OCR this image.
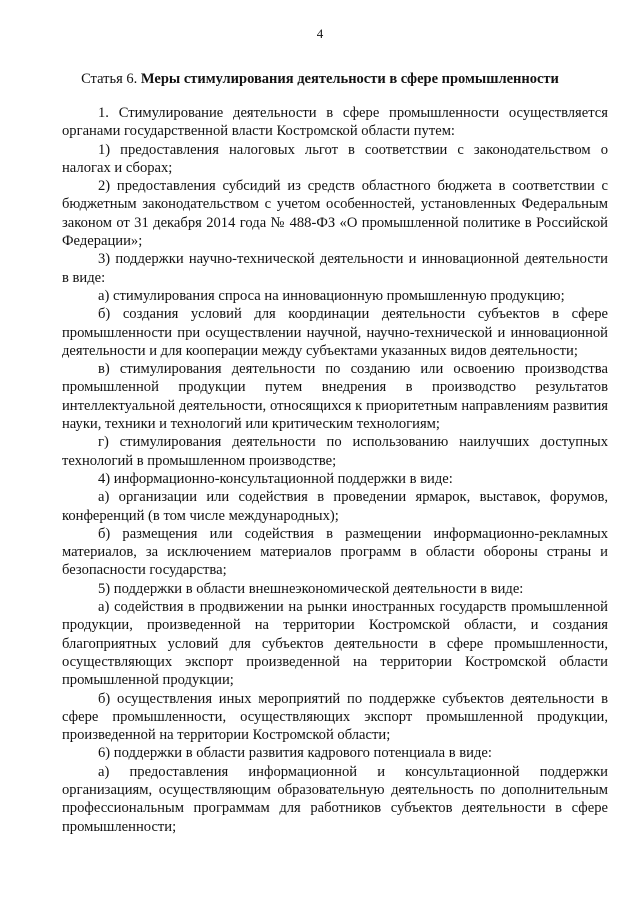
4
Статья 6. Меры стимулирования деятельности в сфере промышленности

1. Стимулирование деятельности в сфере промышленности осуществляется органами государственной власти Костромской области путем:

1) предоставления налоговых льгот в соответствии с законодательством о налогах и сборах;

2) предоставления субсидий из средств областного бюджета в соответствии с бюджетным законодательством с учетом особенностей, установленных Федеральным законом от 31 декабря 2014 года № 488-ФЗ «О промышленной политике в Российской Федерации»;

3) поддержки научно-технической деятельности и инновационной деятельности в виде:

а) стимулирования спроса на инновационную промышленную продукцию;

б) создания условий для координации деятельности субъектов в сфере промышленности при осуществлении научной, научно-технической и инновационной деятельности и для кооперации между субъектами указанных видов деятельности;

в) стимулирования деятельности по созданию или освоению производства промышленной продукции путем внедрения в производство результатов интеллектуальной деятельности, относящихся к приоритетным направлениям развития науки, техники и технологий или критическим технологиям;

г) стимулирования деятельности по использованию наилучших доступных технологий в промышленном производстве;

4) информационно-консультационной поддержки в виде:

а) организации или содействия в проведении ярмарок, выставок, форумов, конференций (в том числе международных);

б) размещения или содействия в размещении информационно-рекламных материалов, за исключением материалов программ в области обороны страны и безопасности государства;

5) поддержки в области внешнеэкономической деятельности в виде:

а) содействия в продвижении на рынки иностранных государств промышленной продукции, произведенной на территории Костромской области, и создания благоприятных условий для субъектов деятельности в сфере промышленности, осуществляющих экспорт произведенной на территории Костромской области промышленной продукции;

б) осуществления иных мероприятий по поддержке субъектов деятельности в сфере промышленности, осуществляющих экспорт промышленной продукции, произведенной на территории Костромской области;

6) поддержки в области развития кадрового потенциала в виде:

а) предоставления информационной и консультационной поддержки организациям, осуществляющим образовательную деятельность по дополнительным профессиональным программам для работников субъектов деятельности в сфере промышленности;
